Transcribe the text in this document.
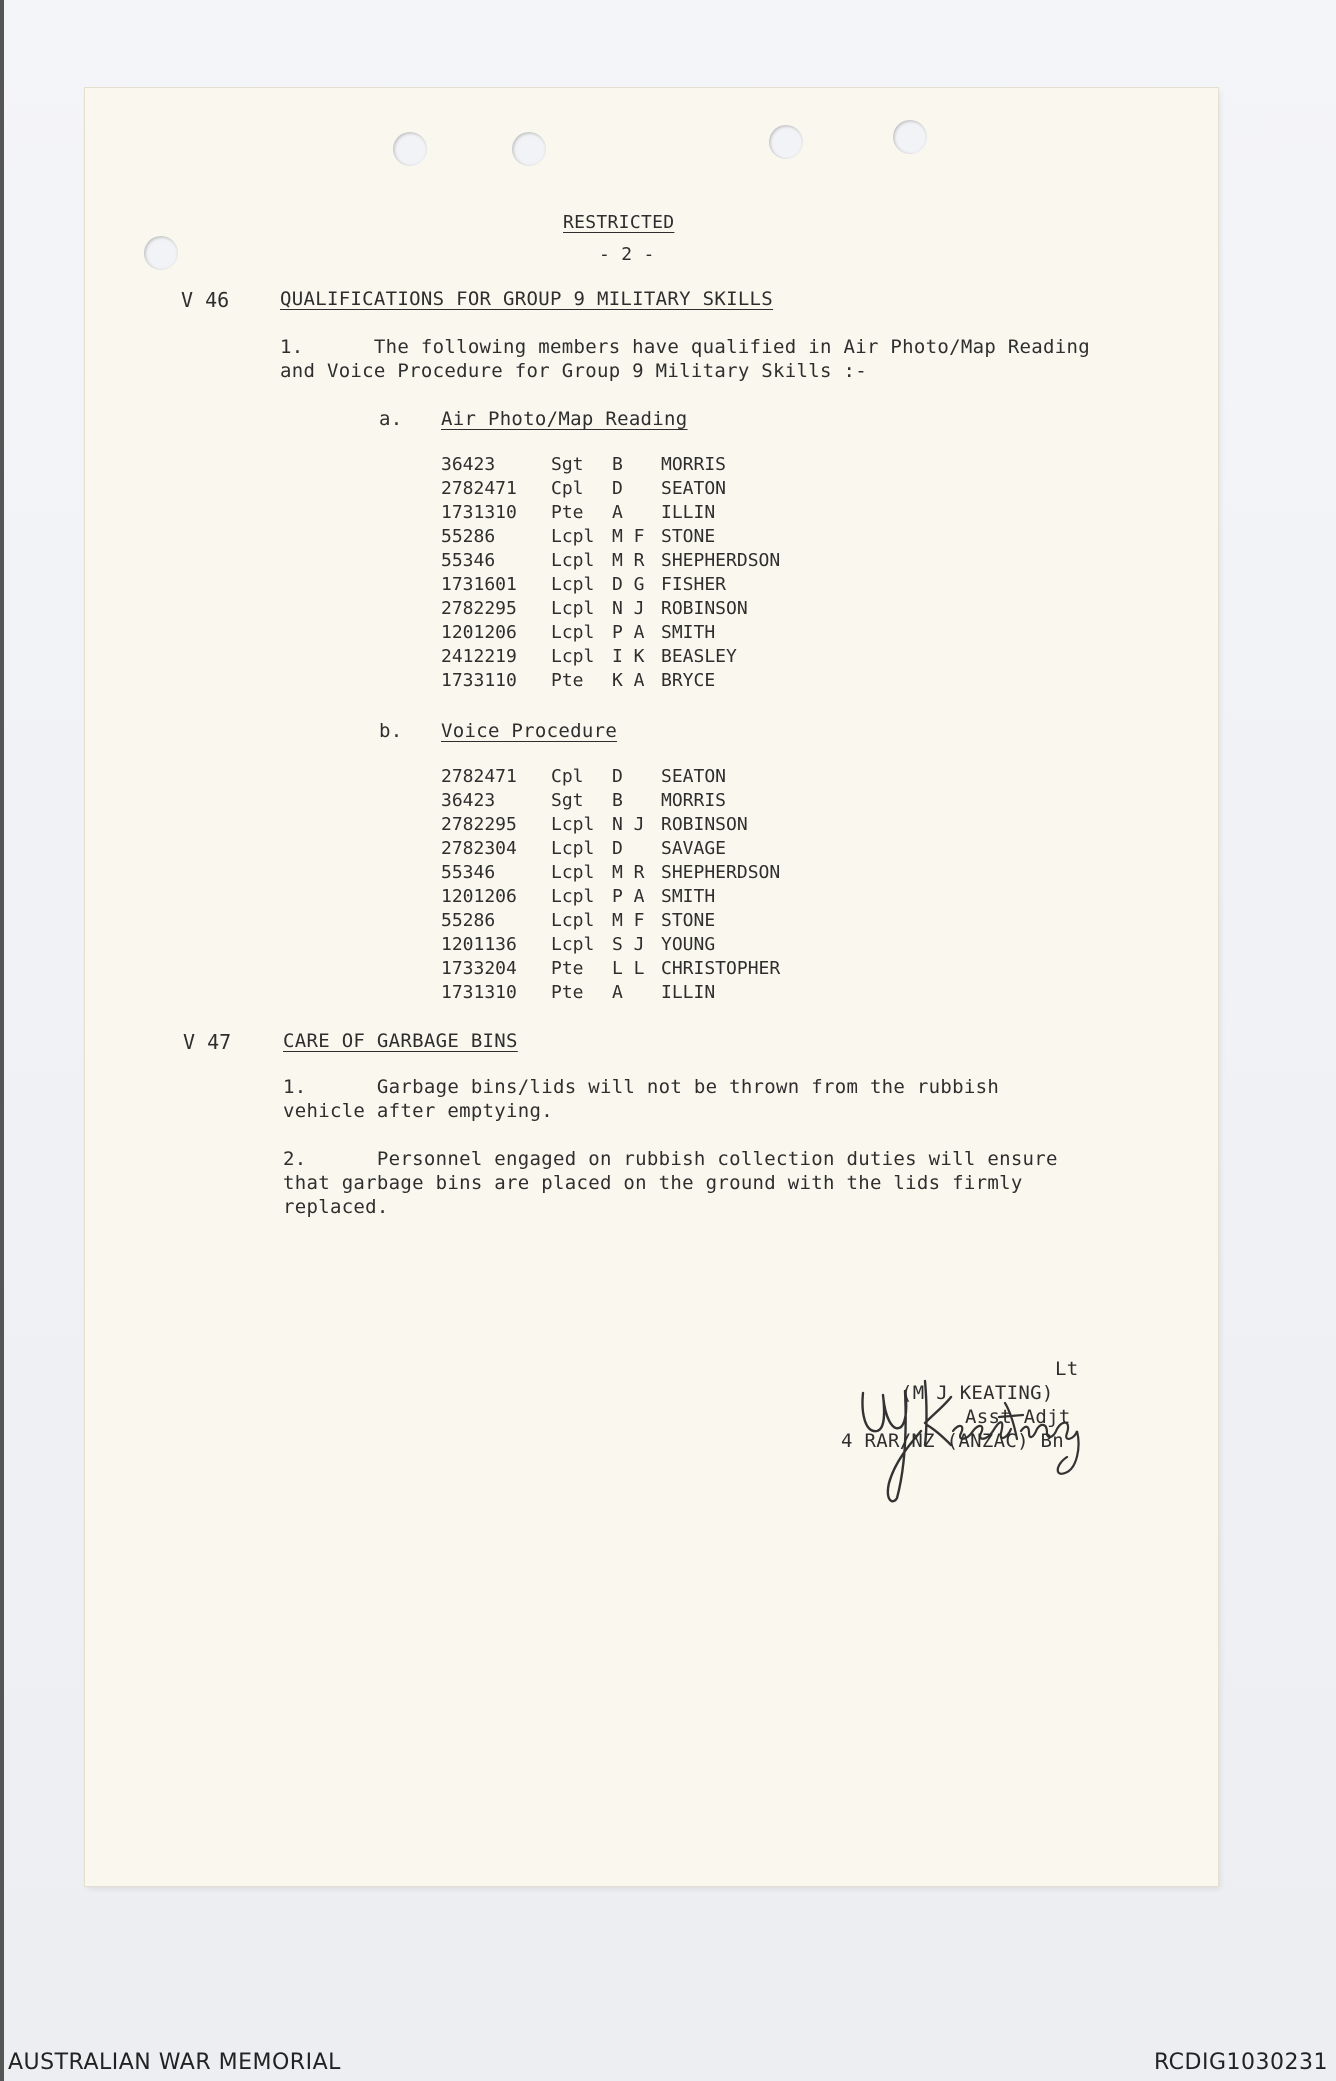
RESTRICTED
- 2 -
V 46	QUALIFICATIONS FOR GROUP 9 MILITARY SKILLS
1.      The following members have qualified in Air Photo/Map Reading
and Voice Procedure for Group 9 Military Skills :-
a. Air Photo/Map Reading
36423	Sgt B MORRIS
2782471 Cpl D SEATON
1731310 Pte A ILLIN
55286	Lcpl M F STONE
55346	Lcpl M R SHEPHERDSON
1731601 Lcpl D G FISHER
2782295 Lcpl N J ROBINSON
1201206 Lcpl P A SMITH
2412219 Lcpl I K BEASLEY
1733110 Pte K A BRYCE
b. Voice Procedure
2782471 Cpl D SEATON
36423	Sgt B MORRIS
2782295 Lcpl N J ROBINSON
2782304 Lcpl D SAVAGE
55346	Lcpl M R SHEPHERDSON
1201206 Lcpl P A SMITH
55286	Lcpl M F STONE
1201136 Lcpl S J YOUNG
1733204 Pte L L CHRISTOPHER
1731310 Pte A ILLIN
V 47	CARE OF GARBAGE BINS
1.      Garbage bins/lids will not be thrown from the rubbish
vehicle after emptying.
2.      Personnel engaged on rubbish collection duties will ensure
that garbage bins are placed on the ground with the lids firmly
replaced.
Lt
(M J KEATING)
Asst Adjt
4 RAR/NZ (ANZAC) Bn
AUSTRALIAN WAR MEMORIAL	RCDIG1030231
